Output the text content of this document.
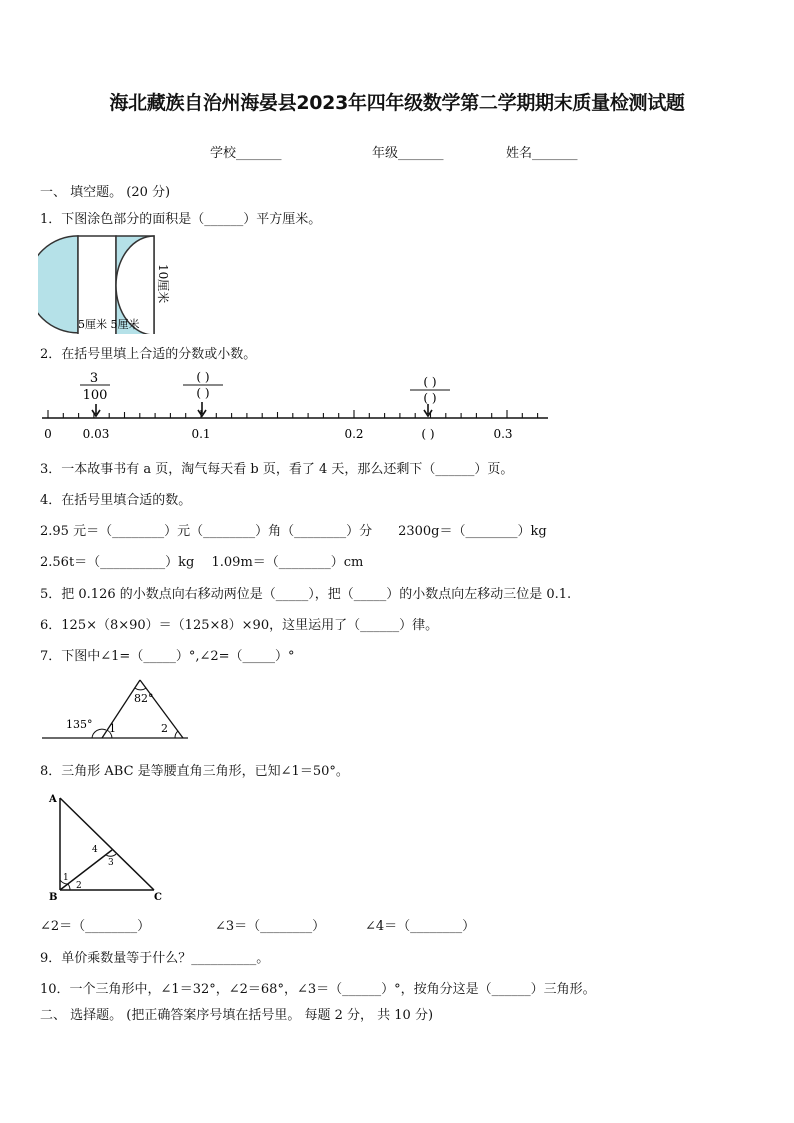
海北藏族自治州海晏县2023年四年级数学第二学期期末质量检测试题
学校_______	年级_______	姓名_______
一、 填空题。 (20 分)
1．下图涂色部分的面积是（______）平方厘米。
10厘米
5厘米 5厘米
2．在括号里填上合适的分数或小数。
3
100
( )
( )
( )
( )
0	0.03	0.1	0.2	( )	0.3
3．一本故事书有 a 页，淘气每天看 b 页，看了 4 天，那么还剩下（______）页。
4．在括号里填合适的数。
2.95 元＝（________）元（________）角（________）分　　2300g＝（________）kg
2.56t＝（__________）kg　 1.09m＝（________）cm
5．把 0.126 的小数点向右移动两位是（_____），把（_____）的小数点向左移动三位是 0.1.
6．125×（8×90）＝（125×8）×90，这里运用了（______）律。
7．下图中∠1=（_____）°,∠2=（_____）°
135°
82°
1	2
8．三角形 ABC 是等腰直角三角形，已知∠1＝50°。
A
B	C
1
2
3
4
∠2＝（________）	∠3＝（________）	∠4＝（________）
9．单价乘数量等于什么？__________。
10．一个三角形中，∠1＝32°，∠2＝68°，∠3＝（______）°，按角分这是（______）三角形。
二、 选择题。 (把正确答案序号填在括号里。 每题 2 分， 共 10 分)
